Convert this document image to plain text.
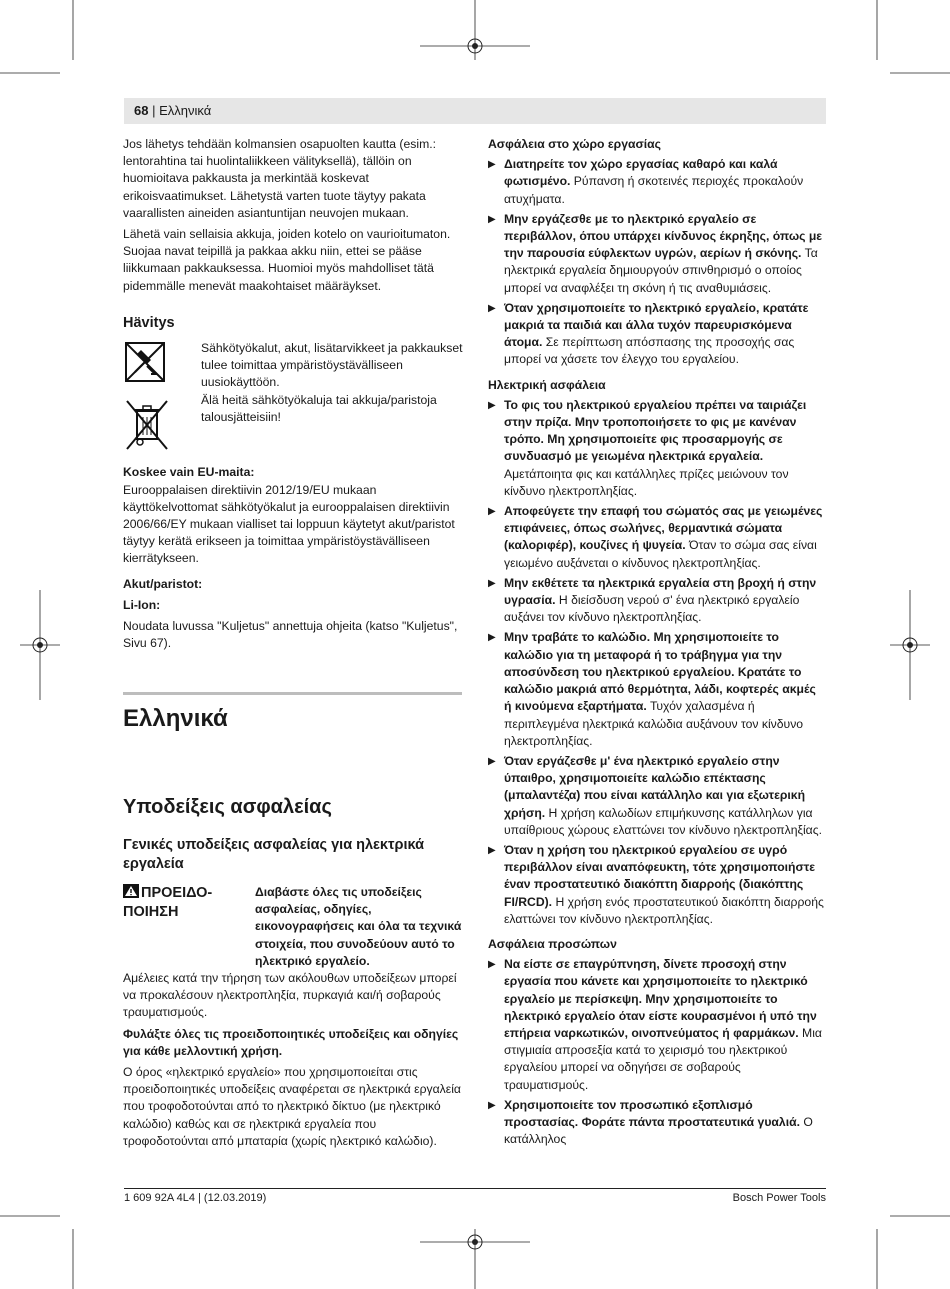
68 | Ελληνικά

Jos lähetys tehdään kolmansien osapuolten kautta (esim.: lentorahtina tai huolintaliikkeen välityksellä), tällöin on huomioitava pakkausta ja merkintää koskevat erikoisvaatimukset. Lähetystä varten tuote täytyy pakata vaarallisten aineiden asiantuntijan neuvojen mukaan.

Lähetä vain sellaisia akkuja, joiden kotelo on vaurioitumaton. Suojaa navat teipillä ja pakkaa akku niin, ettei se pääse liikkumaan pakkauksessa. Huomioi myös mahdolliset tätä pidemmälle menevät maakohtaiset määräykset.

Hävitys

Sähkötyökalut, akut, lisätarvikkeet ja pakkaukset tulee toimittaa ympäristöystävälliseen uusiokäyttöön.

Älä heitä sähkötyökaluja tai akkuja/paristoja talousjätteisiin!

Koskee vain EU-maita:

Eurooppalaisen direktiivin 2012/19/EU mukaan käyttökelvottomat sähkötyökalut ja eurooppalaisen direktiivin 2006/66/EY mukaan vialliset tai loppuun käytetyt akut/paristot täytyy kerätä erikseen ja toimittaa ympäristöystävälliseen kierrätykseen.

Akut/paristot:

Li-Ion:

Noudata luvussa "Kuljetus" annettuja ohjeita (katso "Kuljetus", Sivu 67).

Ελληνικά
Υποδείξεις ασφαλείας
Γενικές υποδείξεις ασφαλείας για ηλεκτρικά εργαλεία
ΠΡΟΕΙΔΟ-ΠΟΙΗΣΗ
Διαβάστε όλες τις υποδείξεις ασφαλείας, οδηγίες, εικονογραφήσεις και όλα τα τεχνικά στοιχεία, που συνοδεύουν αυτό το ηλεκτρικό εργαλείο.

Αμέλειες κατά την τήρηση των ακόλουθων υποδείξεων μπορεί να προκαλέσουν ηλεκτροπληξία, πυρκαγιά και/ή σοβαρούς τραυματισμούς.

Φυλάξτε όλες τις προειδοποιητικές υποδείξεις και οδηγίες για κάθε μελλοντική χρήση.

Ο όρος «ηλεκτρικό εργαλείο» που χρησιμοποιείται στις προειδοποιητικές υποδείξεις αναφέρεται σε ηλεκτρικά εργαλεία που τροφοδοτούνται από το ηλεκτρικό δίκτυο (με ηλεκτρικό καλώδιο) καθώς και σε ηλεκτρικά εργαλεία που τροφοδοτούνται από μπαταρία (χωρίς ηλεκτρικό καλώδιο).

Ασφάλεια στο χώρο εργασίας
▶ Διατηρείτε τον χώρο εργασίας καθαρό και καλά φωτισμένο. Ρύπανση ή σκοτεινές περιοχές προκαλούν ατυχήματα.
▶ Μην εργάζεσθε με το ηλεκτρικό εργαλείο σε περιβάλλον, όπου υπάρχει κίνδυνος έκρηξης, όπως με την παρουσία εύφλεκτων υγρών, αερίων ή σκόνης. Τα ηλεκτρικά εργαλεία δημιουργούν σπινθηρισμό ο οποίος μπορεί να αναφλέξει τη σκόνη ή τις αναθυμιάσεις.
▶ Όταν χρησιμοποιείτε το ηλεκτρικό εργαλείο, κρατάτε μακριά τα παιδιά και άλλα τυχόν παρευρισκόμενα άτομα. Σε περίπτωση απόσπασης της προσοχής σας μπορεί να χάσετε τον έλεγχο του εργαλείου.
Ηλεκτρική ασφάλεια
▶ Το φις του ηλεκτρικού εργαλείου πρέπει να ταιριάζει στην πρίζα. Μην τροποποιήσετε το φις με κανέναν τρόπο. Μη χρησιμοποιείτε φις προσαρμογής σε συνδυασμό με γειωμένα ηλεκτρικά εργαλεία. Αμετάποιητα φις και κατάλληλες πρίζες μειώνουν τον κίνδυνο ηλεκτροπληξίας.
▶ Αποφεύγετε την επαφή του σώματός σας με γειωμένες επιφάνειες, όπως σωλήνες, θερμαντικά σώματα (καλοριφέρ), κουζίνες ή ψυγεία. Όταν το σώμα σας είναι γειωμένο αυξάνεται ο κίνδυνος ηλεκτροπληξίας.
▶ Μην εκθέτετε τα ηλεκτρικά εργαλεία στη βροχή ή στην υγρασία. Η διείσδυση νερού σ' ένα ηλεκτρικό εργαλείο αυξάνει τον κίνδυνο ηλεκτροπληξίας.
▶ Μην τραβάτε το καλώδιο. Μη χρησιμοποιείτε το καλώδιο για τη μεταφορά ή το τράβηγμα για την αποσύνδεση του ηλεκτρικού εργαλείου. Κρατάτε το καλώδιο μακριά από θερμότητα, λάδι, κοφτερές ακμές ή κινούμενα εξαρτήματα. Τυχόν χαλασμένα ή περιπλεγμένα ηλεκτρικά καλώδια αυξάνουν τον κίνδυνο ηλεκτροπληξίας.
▶ Όταν εργάζεσθε μ' ένα ηλεκτρικό εργαλείο στην ύπαιθρο, χρησιμοποιείτε καλώδιο επέκτασης (μπαλαντέζα) που είναι κατάλληλο και για εξωτερική χρήση. Η χρήση καλωδίων επιμήκυνσης κατάλληλων για υπαίθριους χώρους ελαττώνει τον κίνδυνο ηλεκτροπληξίας.
▶ Όταν η χρήση του ηλεκτρικού εργαλείου σε υγρό περιβάλλον είναι αναπόφευκτη, τότε χρησιμοποιήστε έναν προστατευτικό διακόπτη διαρροής (διακόπτης FI/RCD). Η χρήση ενός προστατευτικού διακόπτη διαρροής ελαττώνει τον κίνδυνο ηλεκτροπληξίας.
Ασφάλεια προσώπων
▶ Να είστε σε επαγρύπνηση, δίνετε προσοχή στην εργασία που κάνετε και χρησιμοποιείτε το ηλεκτρικό εργαλείο με περίσκεψη. Μην χρησιμοποιείτε το ηλεκτρικό εργαλείο όταν είστε κουρασμένοι ή υπό την επήρεια ναρκωτικών, οινοπνεύματος ή φαρμάκων. Μια στιγμιαία απροσεξία κατά το χειρισμό του ηλεκτρικού εργαλείου μπορεί να οδηγήσει σε σοβαρούς τραυματισμούς.
▶ Χρησιμοποιείτε τον προσωπικό εξοπλισμό προστασίας. Φοράτε πάντα προστατευτικά γυαλιά. Ο κατάλληλος
1 609 92A 4L4 | (12.03.2019)	Bosch Power Tools
